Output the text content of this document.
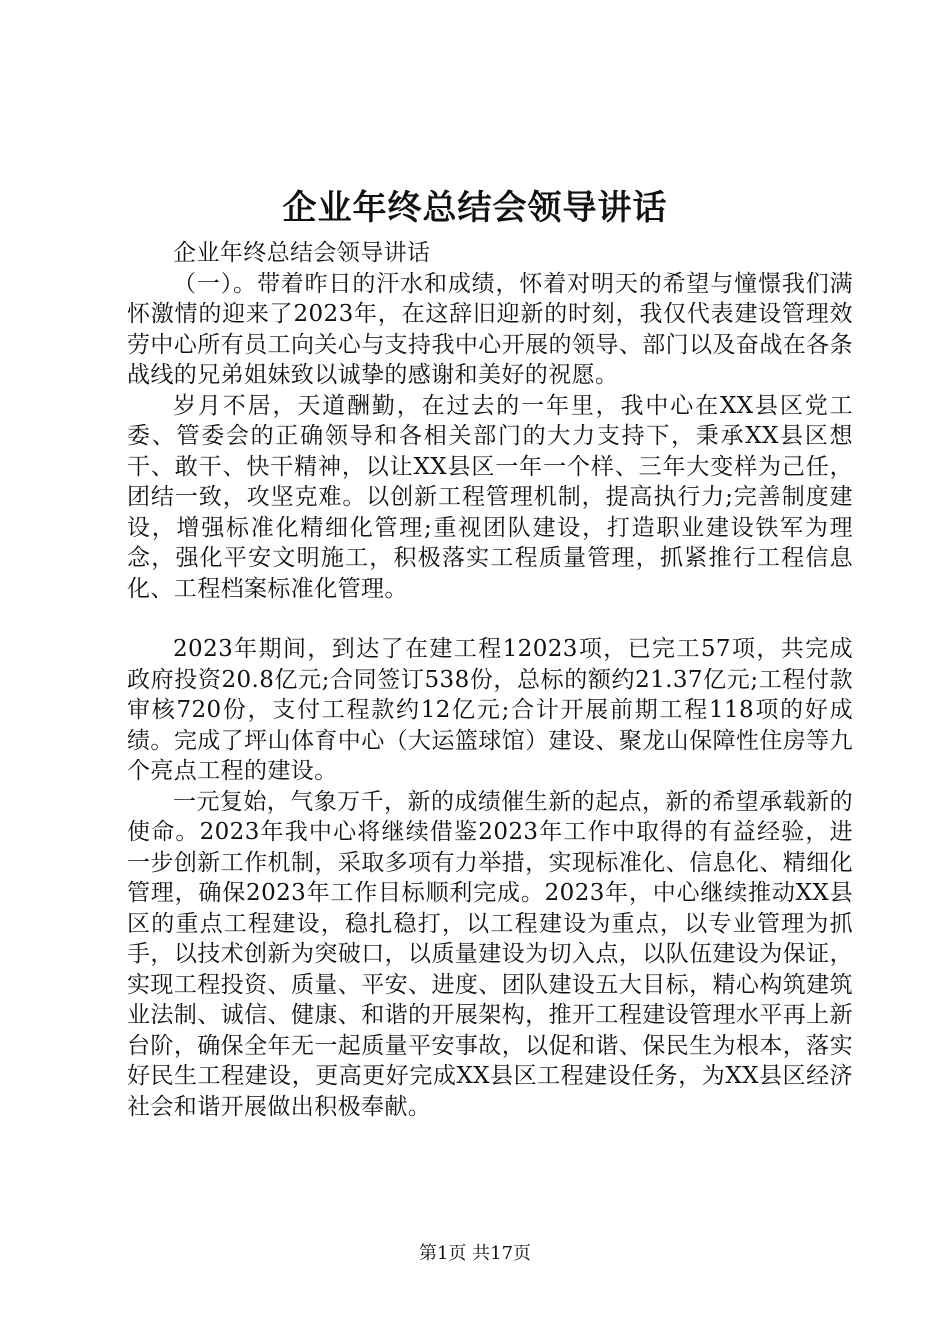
企业年终总结会领导讲话

企业年终总结会领导讲话

（一）。带着昨日的汗水和成绩，怀着对明天的希望与憧憬我们满怀激情的迎来了2023年，在这辞旧迎新的时刻，我仅代表建设管理效劳中心所有员工向关心与支持我中心开展的领导、部门以及奋战在各条战线的兄弟姐妹致以诚挚的感谢和美好的祝愿。

岁月不居，天道酬勤，在过去的一年里，我中心在XX县区党工委、管委会的正确领导和各相关部门的大力支持下，秉承XX县区想干、敢干、快干精神，以让XX县区一年一个样、三年大变样为己任，团结一致，攻坚克难。以创新工程管理机制，提高执行力;完善制度建设，增强标准化精细化管理;重视团队建设，打造职业建设铁军为理念，强化平安文明施工，积极落实工程质量管理，抓紧推行工程信息化、工程档案标准化管理。

2023年期间，到达了在建工程12023项，已完工57项，共完成政府投资20.8亿元;合同签订538份，总标的额约21.37亿元;工程付款审核720份，支付工程款约12亿元;合计开展前期工程118项的好成绩。完成了坪山体育中心（大运篮球馆）建设、聚龙山保障性住房等九个亮点工程的建设。

一元复始，气象万千，新的成绩催生新的起点，新的希望承载新的使命。2023年我中心将继续借鉴2023年工作中取得的有益经验，进一步创新工作机制，采取多项有力举措，实现标准化、信息化、精细化管理，确保2023年工作目标顺利完成。2023年，中心继续推动XX县区的重点工程建设，稳扎稳打，以工程建设为重点，以专业管理为抓手，以技术创新为突破口，以质量建设为切入点，以队伍建设为保证，实现工程投资、质量、平安、进度、团队建设五大目标，精心构筑建筑业法制、诚信、健康、和谐的开展架构，推开工程建设管理水平再上新台阶，确保全年无一起质量平安事故，以促和谐、保民生为根本，落实好民生工程建设，更高更好完成XX县区工程建设任务，为XX县区经济社会和谐开展做出积极奉献。

第1页 共17页
